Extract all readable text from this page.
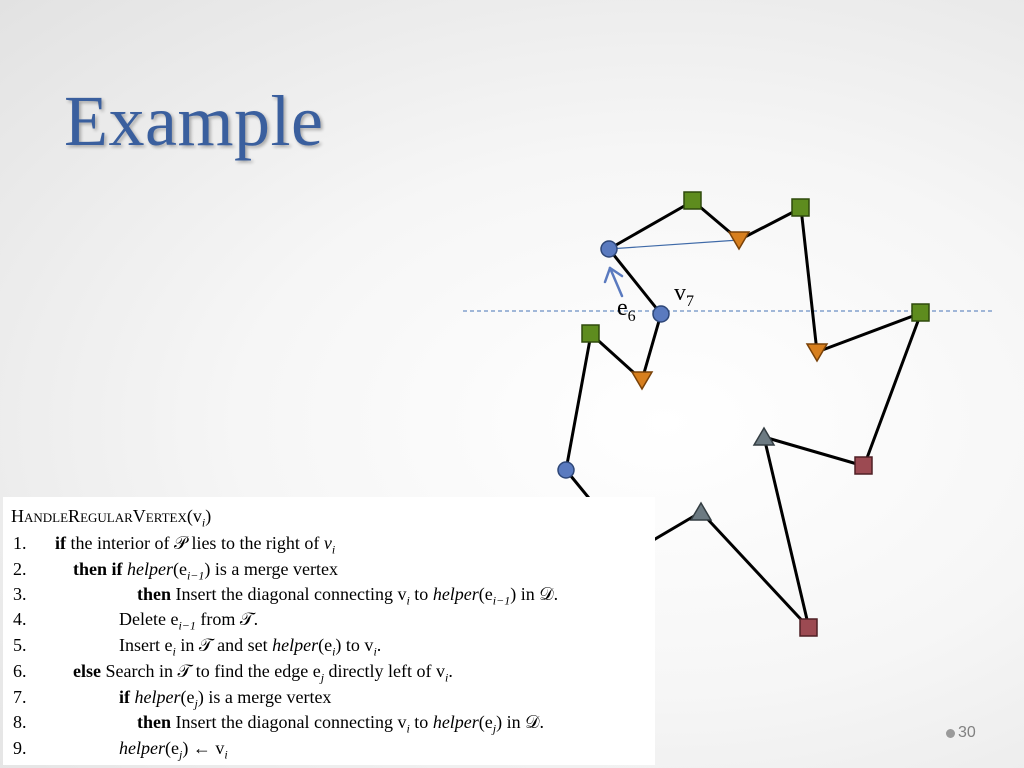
Example
$v_7$
$e_6$
$HandleRegularVertex(v_i)$
1. if the interior of 𝒫 lies to the right of $v_i$
2.	then if $helper(e_{i-1})$ is a merge vertex
3.	then Insert the diagonal connecting $v_i$ to $helper(e_{i-1})$ in 𝒟.
4.	Delete $e_{i-1}$ from 𝒯.
5.	Insert $e_i$ in 𝒯 and set $helper(e_i)$ to $v_i$.
6.	else Search in 𝒯 to find the edge $e_j$ directly left of $v_i$.
7.	if $helper(e_j)$ is a merge vertex
8.	then Insert the diagonal connecting $v_i$ to $helper(e_j)$ in 𝒟.
9.	$helper(e_j)$ ← $v_i$
30
